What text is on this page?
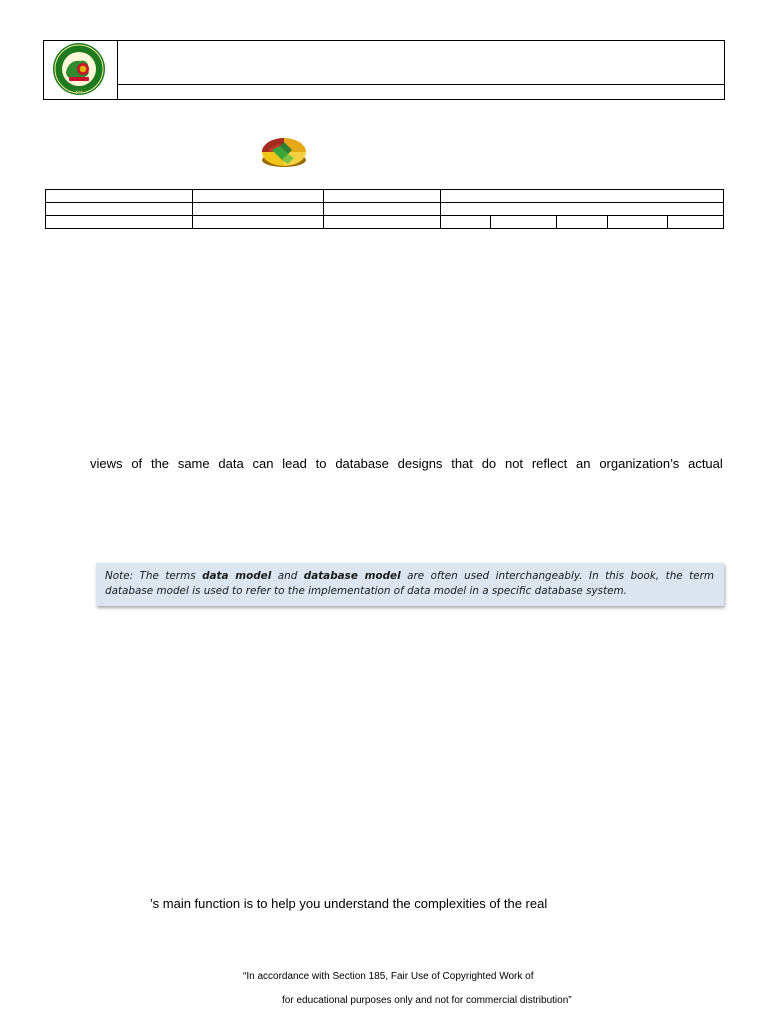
•••

views of the same data can lead to database designs that do not reflect an organization’s actual
Note: The terms data model and database model are often used interchangeably. In this book, the term
database model is used to refer to the implementation of data model in a specific database system.
’s main function is to help you understand the complexities of the real
“In accordance with Section 185, Fair Use of Copyrighted Work of
for educational purposes only and not for commercial distribution”
